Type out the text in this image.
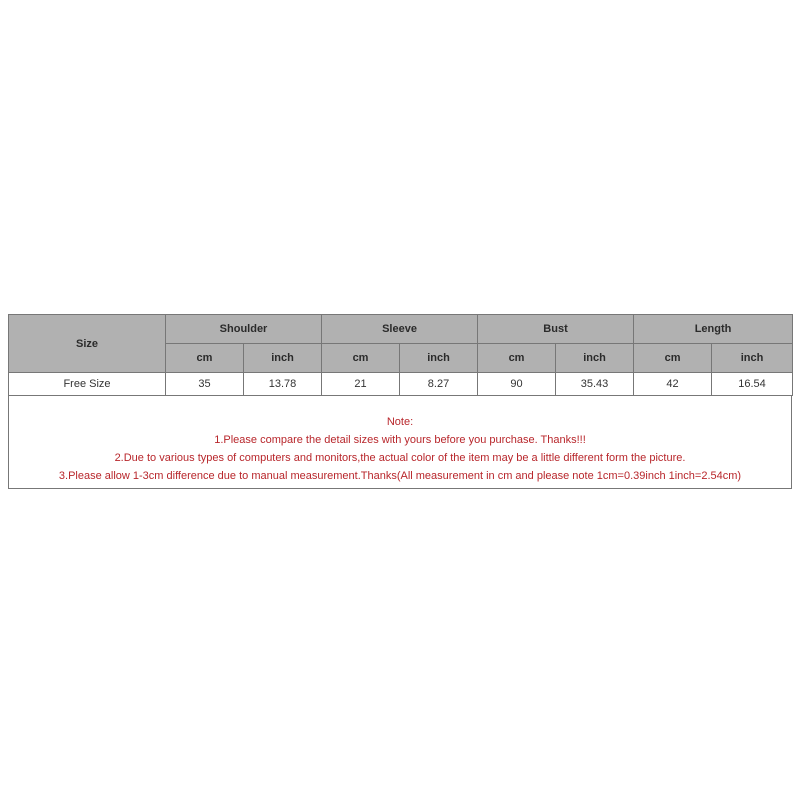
Size	Shoulder		Sleeve		Bust		Length	
	cm	inch	cm	inch	cm	inch	cm	inch
Free Size	35	13.78	21	8.27	90	35.43	42	16.54
Note:
1.Please compare the detail sizes with yours before you purchase. Thanks!!!
2.Due to various types of computers and monitors,the actual color of the item may be a little different form the picture.
3.Please allow 1-3cm difference due to manual measurement.Thanks(All measurement in cm and please note 1cm=0.39inch 1inch=2.54cm)
